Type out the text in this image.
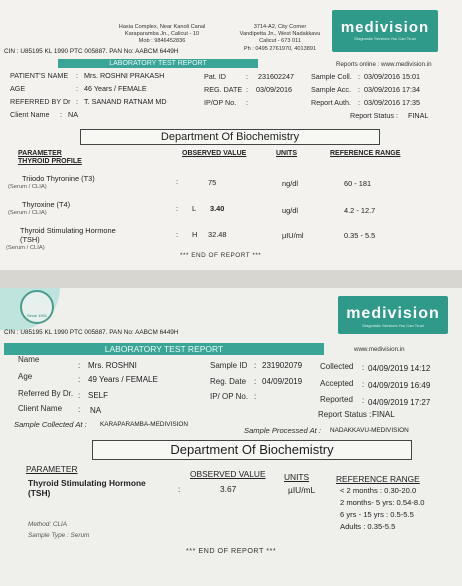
Hasia Complex, Near Kanoli Canal
Karaparamba Jn., Calicut - 10
Mob : 9846452836
3714-A2, City Corner
Vandipetta Jn., West Nadakkavu
Calicut - 673 011
Ph : 0495 2761970, 4013891
medivision
Diagnostic Services You Can Trust
CIN : U85195 KL 1990 PTC 005887. PAN No: AABCM 6449H
LABORATORY TEST REPORT	Reports online : www.medivision.in
PATIENT'S NAME : Mrs. ROSHNI PRAKASH
AGE	: 46 Years / FEMALE
REFERRED BY Dr : T. SANAND RATNAM MD
Client Name : NA
Pat. ID	: 231602247
REG. DATE : 03/09/2016
IP/OP No. :
Sample Coll. : 03/09/2016 15:01
Sample Acc. : 03/09/2016 17:34
Report Auth. : 03/09/2016 17:35
Report Status : FINAL
Department Of Biochemistry
PARAMETER
THYROID PROFILE
OBSERVED VALUE	UNITS	REFERENCE RANGE
Triiodo Thyronine (T3)
(Serum / CLIA)
:	75	ng/dl	60 - 181
Thyroxine (T4)
(Serum / CLIA)	: L 3.40	ug/dl	4.2 - 12.7
Thyroid Stimulating Hormone
(TSH)
(Serum / CLIA)
: H 32.48	µIU/ml	0.35 - 5.5
*** END OF REPORT ***
Since 1991	medivision
Diagnostic Services You Can Trust
CIN : U85195 KL 1990 PTC 005887. PAN No: AABCM 6449H
LABORATORY TEST REPORT	www.medivision.in
Name
: Mrs. ROSHNI
Age	: 49 Years / FEMALE
Referred By Dr. : SELF
Client Name : NA
Sample ID : 231902079
Reg. Date : 04/09/2019
IP/ OP No. :
Collected : 04/09/2019 14:12
Accepted : 04/09/2019 16:49
Reported : 04/09/2019 17:27
Report Status : FINAL
Sample Collected At : KARAPARAMBA-MEDIVISION
Sample Processed At : NADAKKAVU-MEDIVISION
Department Of Biochemistry
PARAMETER	OBSERVED VALUE UNITS	REFERENCE RANGE
Thyroid Stimulating Hormone
(TSH)	:	3.67	µIU/mL	< 2 months : 0.30-20.0
2 months- 5 yrs: 0.54-8.0
6 yrs - 15 yrs : 0.5-5.5
Adults : 0.35-5.5
Method: CLIA
Sample Type : Serum
*** END OF REPORT ***
